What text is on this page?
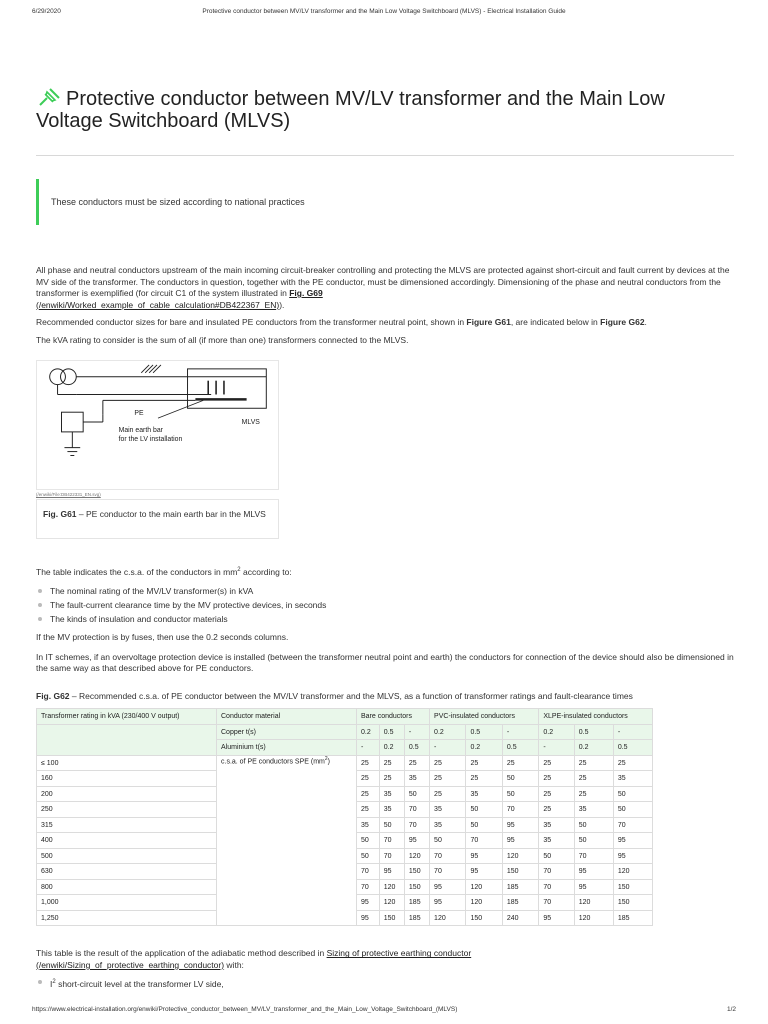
6/29/2020	Protective conductor between MV/LV transformer and the Main Low Voltage Switchboard (MLVS) - Electrical Installation Guide
Protective conductor between MV/LV transformer and the Main Low Voltage Switchboard (MLVS)
These conductors must be sized according to national practices

All phase and neutral conductors upstream of the main incoming circuit-breaker controlling and protecting the MLVS are protected against short-circuit and fault current by devices at the MV side of the transformer. The conductors in question, together with the PE conductor, must be dimensioned accordingly. Dimensioning of the phase and neutral conductors from the transformer is exemplified (for circuit C1 of the system illustrated in Fig. G69
(/enwiki/Worked_example_of_cable_calculation#DB422367_EN)).

Recommended conductor sizes for bare and insulated PE conductors from the transformer neutral point, shown in Figure G61, are indicated below in Figure G62.

The kVA rating to consider is the sum of all (if more than one) transformers connected to the MLVS.

PE
MLVS
Main earth bar
for the LV installation
(/enwiki/File:DB422331_EN.svg)
Fig. G61 – PE conductor to the main earth bar in the MLVS

The table indicates the c.s.a. of the conductors in $mm^2$ according to:

The nominal rating of the MV/LV transformer(s) in kVA
The fault-current clearance time by the MV protective devices, in seconds
The kinds of insulation and conductor materials

If the MV protection is by fuses, then use the 0.2 seconds columns.

In IT schemes, if an overvoltage protection device is installed (between the transformer neutral point and earth) the conductors for connection of the device should also be dimensioned in the same way as that described above for PE conductors.

Fig. G62 – Recommended c.s.a. of PE conductor between the MV/LV transformer and the MLVS, as a function of transformer ratings and fault-clearance times

Transformer rating in kVA (230/400 V output)	Conductor material	Bare conductors			PVC-insulated conductors			XLPE-insulated conductors		
	Copper t(s)	0.2	0.5	-	0.2	0.5	-	0.2	0.5	-
	Aluminium t(s)	-	0.2	0.5	-	0.2	0.5	-	0.2	0.5
≤ 100	c.s.a. of PE conductors SPE $(mm^2)$	25	25	25	25	25	25	25	25	25
160		25	25	35	25	25	50	25	25	35
200		25	35	50	25	35	50	25	25	50
250		25	35	70	35	50	70	25	35	50
315		35	50	70	35	50	95	35	50	70
400		50	70	95	50	70	95	35	50	95
500		50	70	120	70	95	120	50	70	95
630		70	95	150	70	95	150	70	95	120
800		70	120	150	95	120	185	70	95	150
1,000		95	120	185	95	120	185	70	120	150
1,250		95	150	185	120	150	240	95	120	185

This table is the result of the application of the adiabatic method described in Sizing of protective earthing conductor
(/enwiki/Sizing_of_protective_earthing_conductor) with:

$I^2$ short-circuit level at the transformer LV side,
https://www.electrical-installation.org/enwiki/Protective_conductor_between_MV/LV_transformer_and_the_Main_Low_Voltage_Switchboard_(MLVS)	1/2
